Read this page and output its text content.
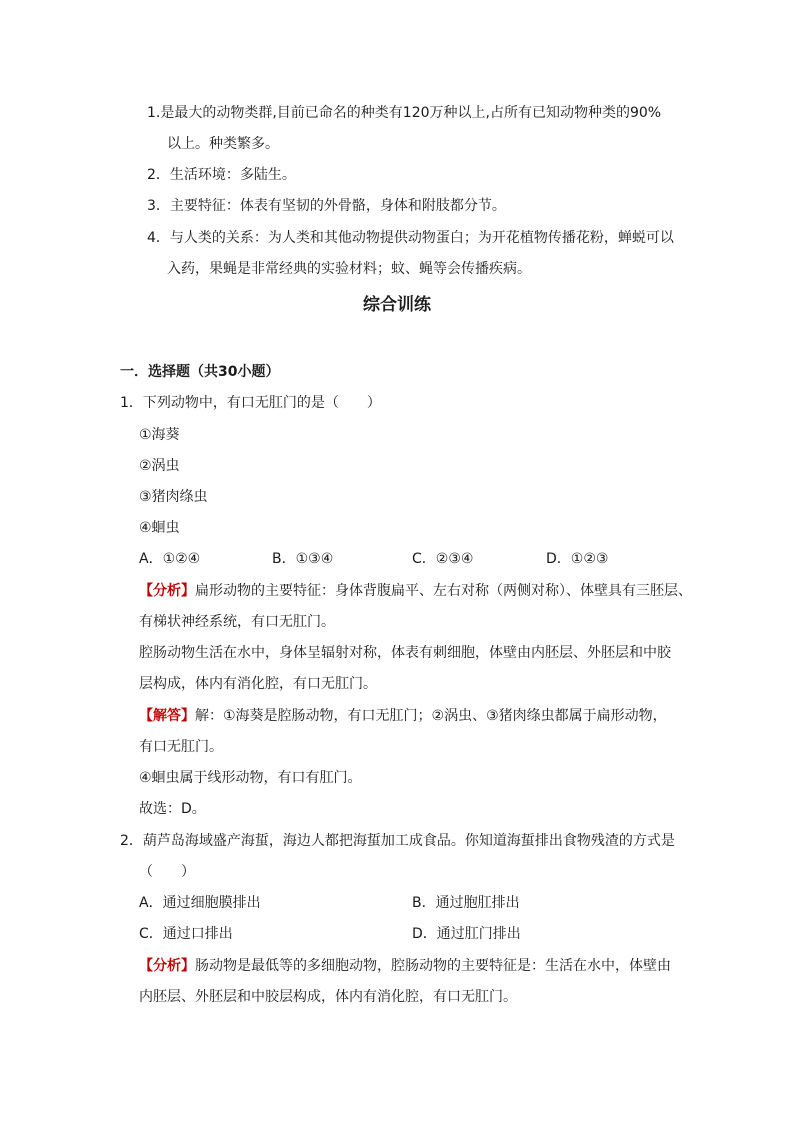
1.是最大的动物类群,目前已命名的种类有120万种以上,占所有已知动物种类的90%
以上。种类繁多。
2．生活环境：多陆生。
3．主要特征：体表有坚韧的外骨骼，身体和附肢都分节。
4．与人类的关系：为人类和其他动物提供动物蛋白；为开花植物传播花粉，蝉蜕可以
入药，果蝇是非常经典的实验材料；蚊、蝇等会传播疾病。
综合训练
一．选择题（共30小题）
1．下列动物中，有口无肛门的是（　　）
①海葵
②涡虫
③猪肉绦虫
④蛔虫
A．①②④	B．①③④	C．②③④	D．①②③
【分析】扁形动物的主要特征：身体背腹扁平、左右对称（两侧对称）、体壁具有三胚层、
有梯状神经系统，有口无肛门。
腔肠动物生活在水中，身体呈辐射对称，体表有刺细胞，体壁由内胚层、外胚层和中胶
层构成，体内有消化腔，有口无肛门。
【解答】解：①海葵是腔肠动物，有口无肛门；②涡虫、③猪肉绦虫都属于扁形动物，
有口无肛门。
④蛔虫属于线形动物，有口有肛门。
故选：D。
2．葫芦岛海域盛产海蜇，海边人都把海蜇加工成食品。你知道海蜇排出食物残渣的方式是
（　　）
A．通过细胞膜排出	B．通过胞肛排出
C．通过口排出	D．通过肛门排出
【分析】肠动物是最低等的多细胞动物，腔肠动物的主要特征是：生活在水中，体壁由
内胚层、外胚层和中胶层构成，体内有消化腔，有口无肛门。
